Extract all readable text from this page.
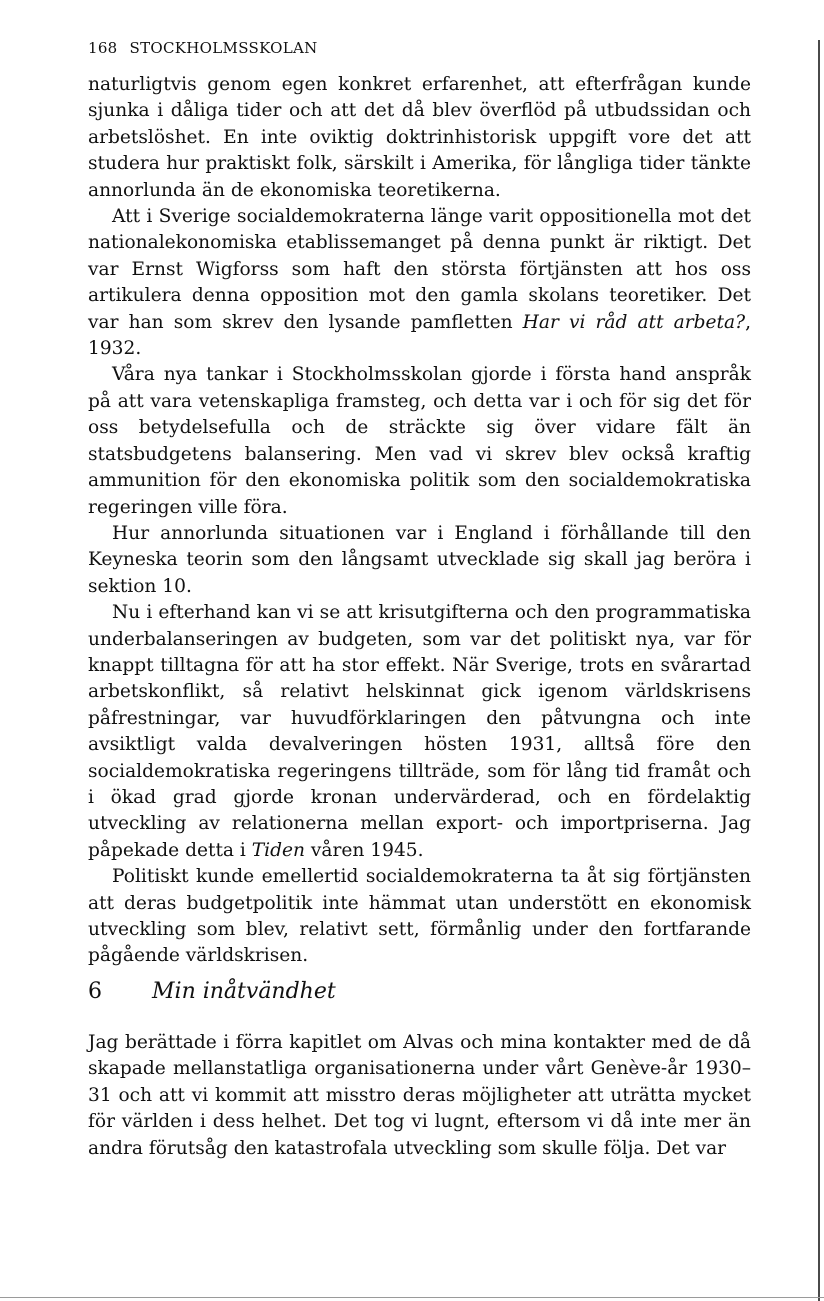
168 STOCKHOLMSSKOLAN

naturligtvis genom egen konkret erfarenhet, att efterfrågan kunde sjunka i dåliga tider och att det då blev överflöd på utbudssidan och arbetslöshet. En inte oviktig doktrinhistorisk uppgift vore det att studera hur praktiskt folk, särskilt i Amerika, för långliga tider tänkte annorlunda än de ekonomiska teoretikerna.

Att i Sverige socialdemokraterna länge varit oppositionella mot det nationalekonomiska etablissemanget på denna punkt är riktigt. Det var Ernst Wigforss som haft den största förtjänsten att hos oss artikulera denna opposition mot den gamla skolans teoretiker. Det var han som skrev den lysande pamfletten Har vi råd att arbeta?, 1932.

Våra nya tankar i Stockholmsskolan gjorde i första hand anspråk på att vara vetenskapliga framsteg, och detta var i och för sig det för oss betydelsefulla och de sträckte sig över vidare fält än statsbudgetens balansering. Men vad vi skrev blev också kraftig ammunition för den ekonomiska politik som den socialdemokratiska regeringen ville föra.

Hur annorlunda situationen var i England i förhållande till den Keyneska teorin som den långsamt utvecklade sig skall jag beröra i sektion 10.

Nu i efterhand kan vi se att krisutgifterna och den programmatiska underbalanseringen av budgeten, som var det politiskt nya, var för knappt tilltagna för att ha stor effekt. När Sverige, trots en svårartad arbetskonflikt, så relativt helskinnat gick igenom världskrisens påfrestningar, var huvudförklaringen den påtvungna och inte avsiktligt valda devalveringen hösten 1931, alltså före den socialdemokratiska regeringens tillträde, som för lång tid framåt och i ökad grad gjorde kronan undervärderad, och en fördelaktig utveckling av relationerna mellan export- och importpriserna. Jag påpekade detta i Tiden våren 1945.

Politiskt kunde emellertid socialdemokraterna ta åt sig förtjänsten att deras budgetpolitik inte hämmat utan understött en ekonomisk utveckling som blev, relativt sett, förmånlig under den fortfarande pågående världskrisen.

6 Min inåtvändhet

Jag berättade i förra kapitlet om Alvas och mina kontakter med de då skapade mellanstatliga organisationerna under vårt Genève-år 1930–31 och att vi kommit att misstro deras möjligheter att uträtta mycket för världen i dess helhet. Det tog vi lugnt, eftersom vi då inte mer än andra förutsåg den katastrofala utveckling som skulle följa. Det var
